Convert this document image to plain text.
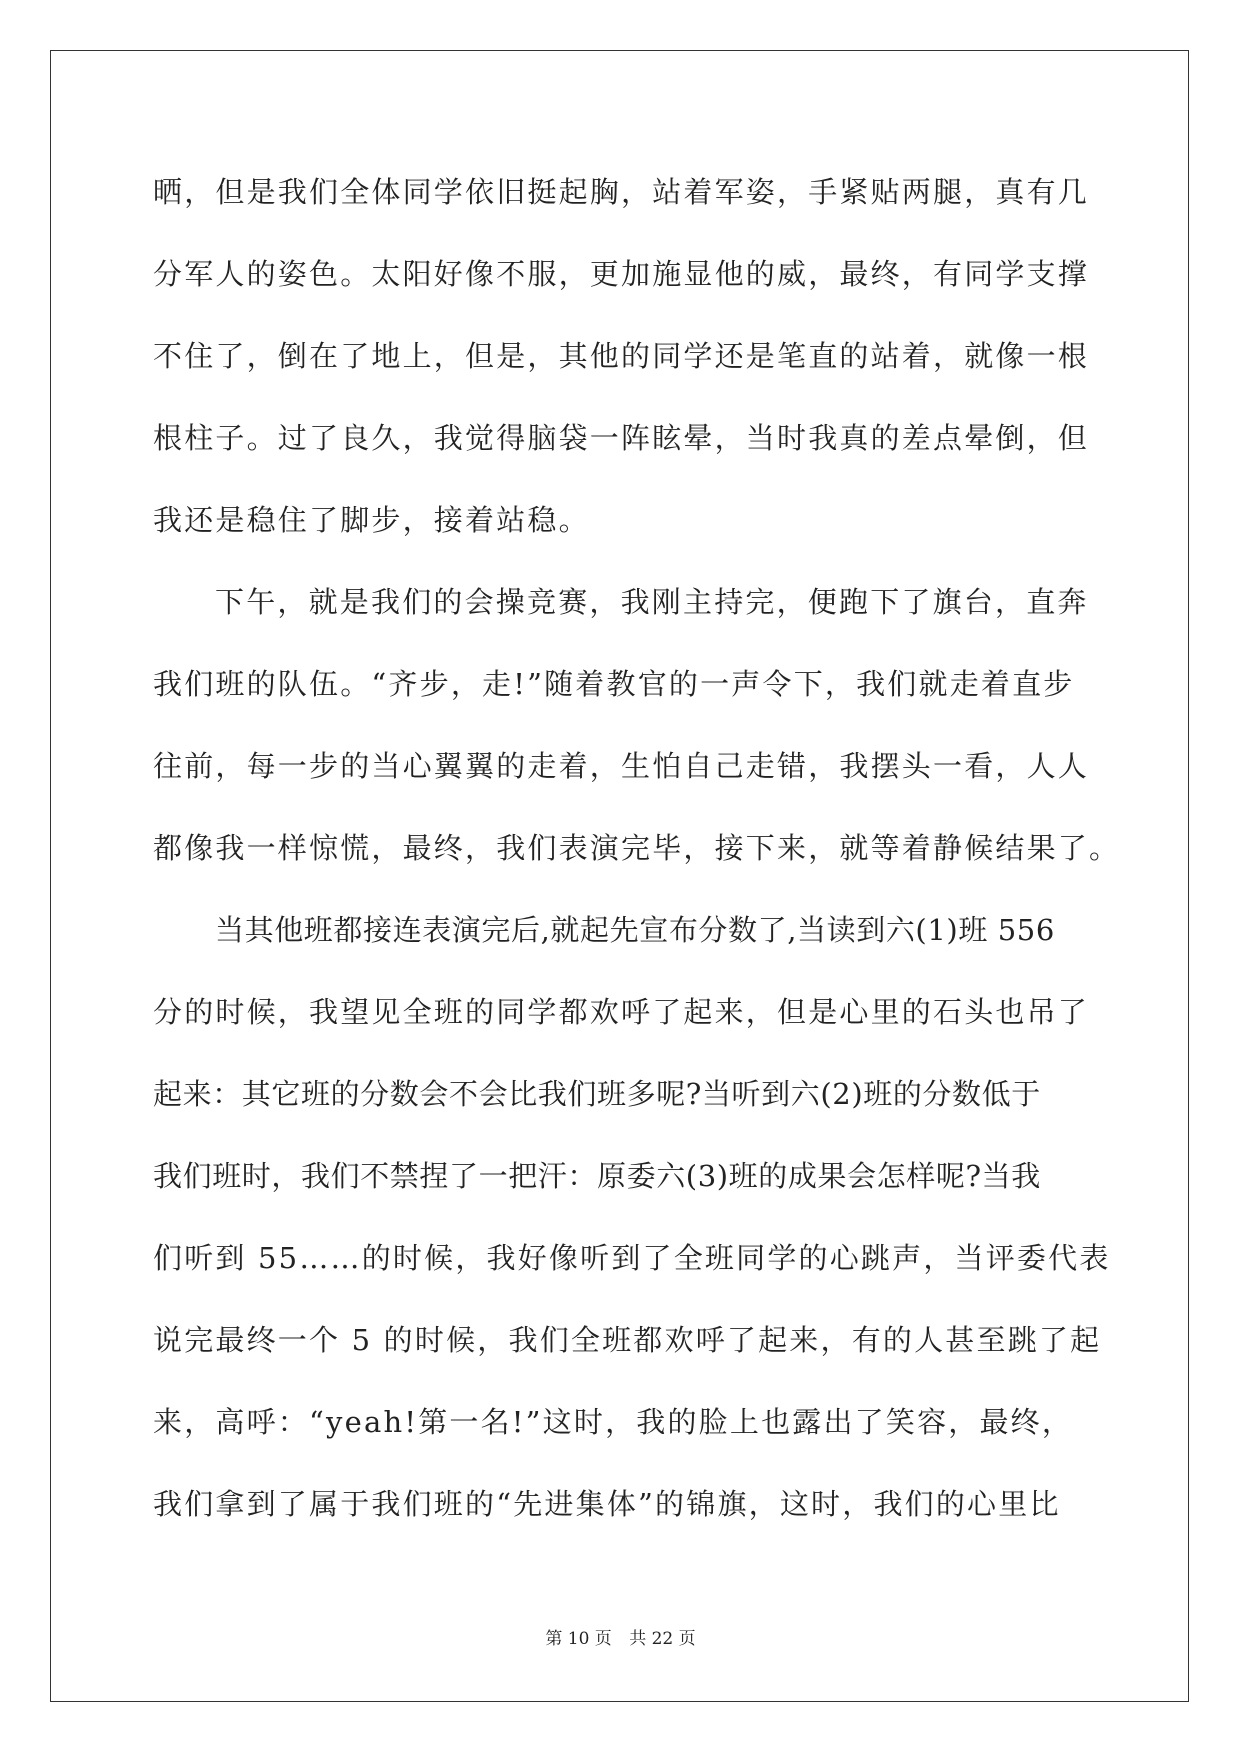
晒，但是我们全体同学依旧挺起胸，站着军姿，手紧贴两腿，真有几
分军人的姿色。太阳好像不服，更加施显他的威，最终，有同学支撑
不住了，倒在了地上，但是，其他的同学还是笔直的站着，就像一根
根柱子。过了良久，我觉得脑袋一阵眩晕，当时我真的差点晕倒，但
我还是稳住了脚步，接着站稳。
下午，就是我们的会操竞赛，我刚主持完，便跑下了旗台，直奔
我们班的队伍。“齐步，走!”随着教官的一声令下，我们就走着直步
往前，每一步的当心翼翼的走着，生怕自己走错，我摆头一看，人人
都像我一样惊慌，最终，我们表演完毕，接下来，就等着静候结果了。
当其他班都接连表演完后,就起先宣布分数了,当读到六(1)班 556
分的时候，我望见全班的同学都欢呼了起来，但是心里的石头也吊了
起来：其它班的分数会不会比我们班多呢?当听到六(2)班的分数低于
我们班时，我们不禁捏了一把汗：原委六(3)班的成果会怎样呢?当我
们听到 55……的时候，我好像听到了全班同学的心跳声，当评委代表
说完最终一个 5 的时候，我们全班都欢呼了起来，有的人甚至跳了起
来，高呼：“yeah!第一名!”这时，我的脸上也露出了笑容，最终，
我们拿到了属于我们班的“先进集体”的锦旗，这时，我们的心里比
第 10 页 共 22 页
